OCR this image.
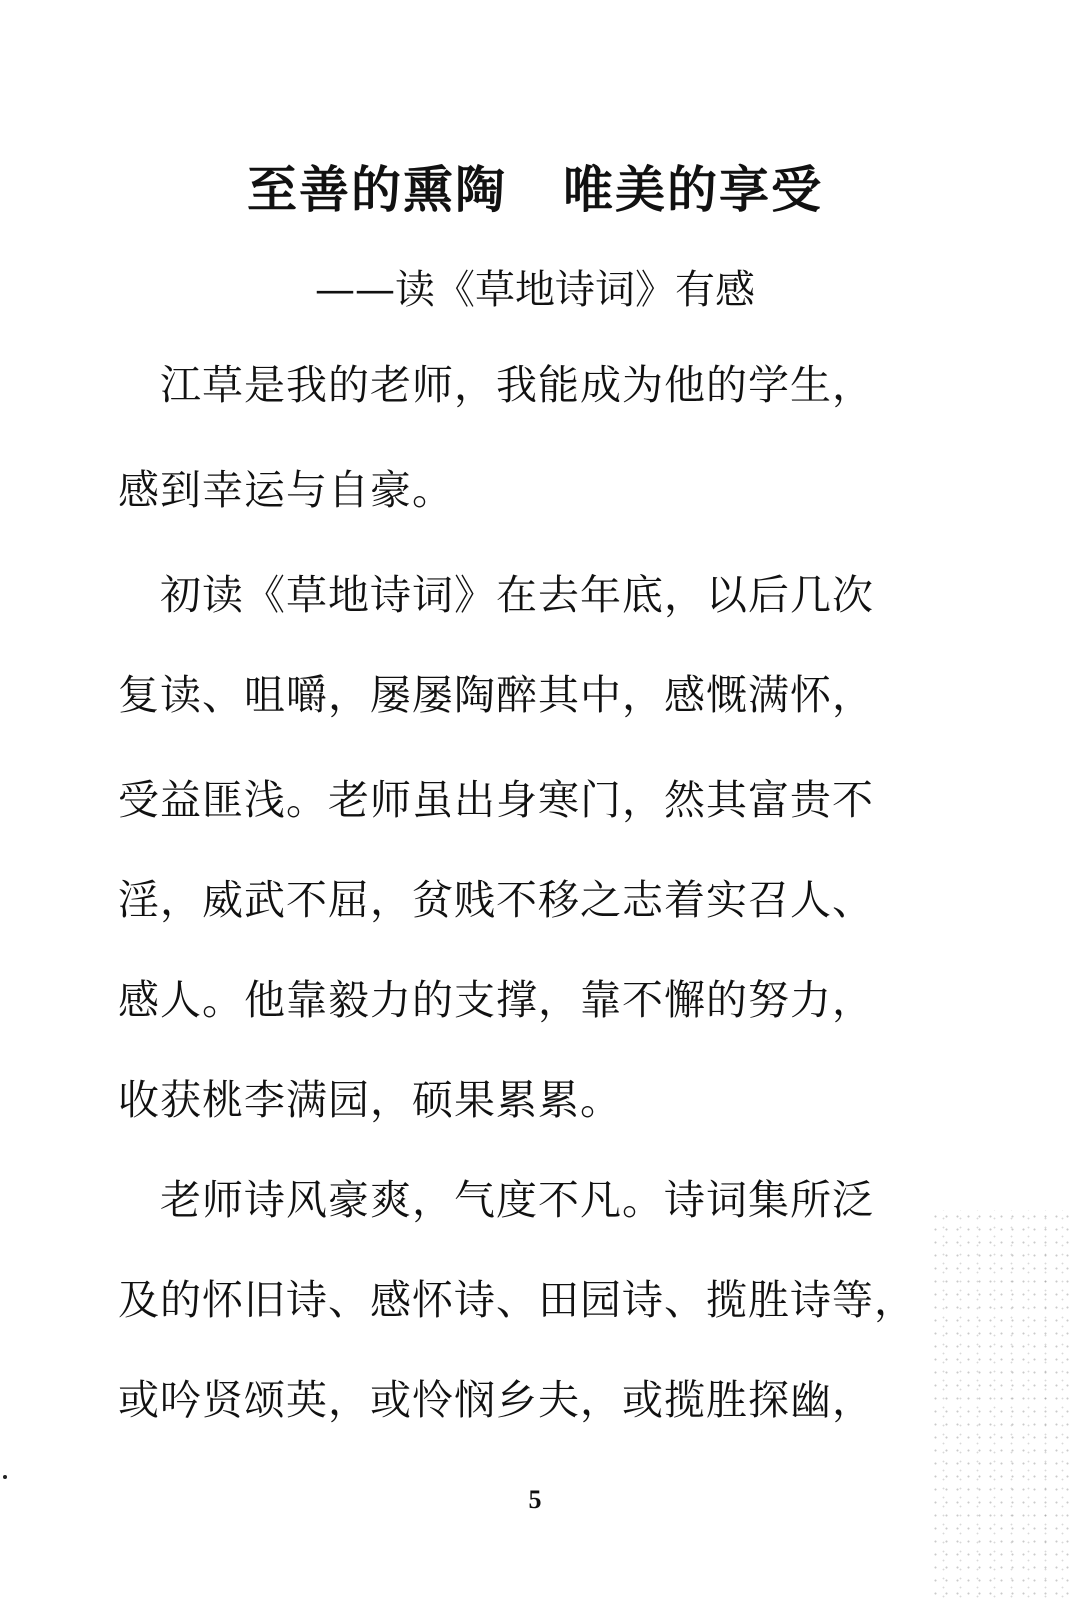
至善的熏陶 唯美的享受
——读《草地诗词》有感
　江草是我的老师，我能成为他的学生，
感到幸运与自豪。
　初读《草地诗词》在去年底，以后几次
复读、咀嚼，屡屡陶醉其中，感慨满怀，
受益匪浅。老师虽出身寒门，然其富贵不
淫，威武不屈，贫贱不移之志着实召人、
感人。他靠毅力的支撑，靠不懈的努力，
收获桃李满园，硕果累累。
　老师诗风豪爽，气度不凡。诗词集所泛
及的怀旧诗、感怀诗、田园诗、揽胜诗等，
或吟贤颂英，或怜悯乡夫，或揽胜探幽，
5
